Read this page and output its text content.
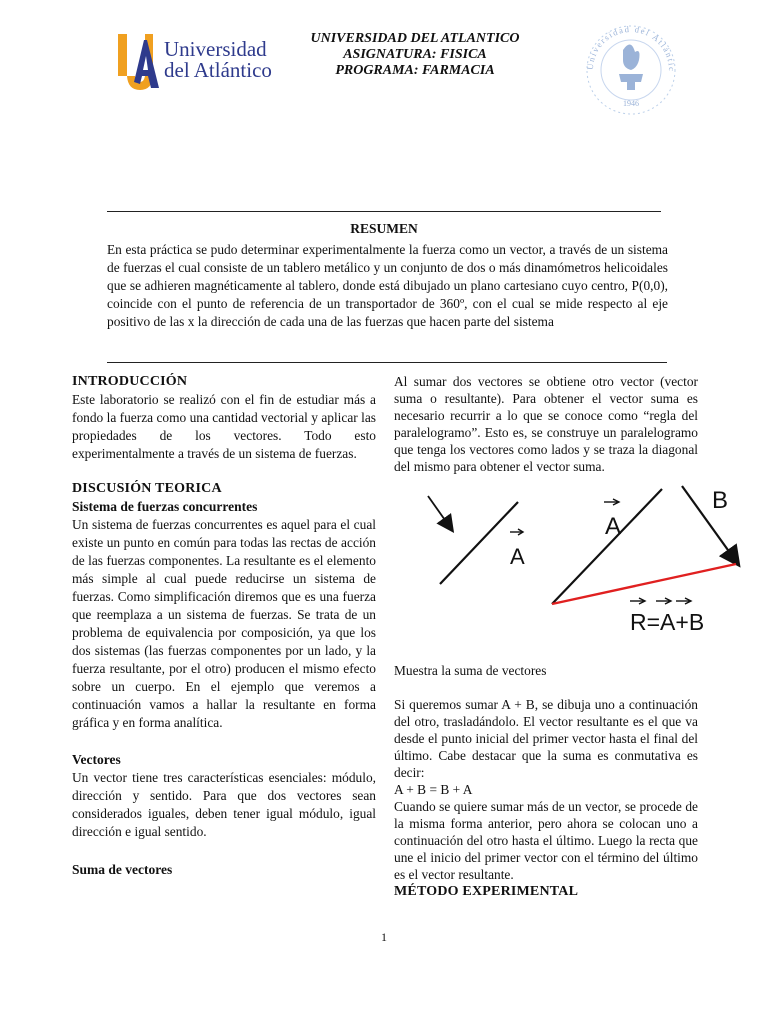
Universidad
del Atlántico
UNIVERSIDAD DEL ATLANTICO
ASIGNATURA: FISICA
PROGRAMA: FARMACIA	Universidad del Atlántic
1946
RESUMEN
En esta práctica se pudo determinar experimentalmente la fuerza como un vector, a través de un sistema de fuerzas el cual consiste de un tablero metálico y un conjunto de dos o más dinamómetros helicoidales que se adhieren magnéticamente al tablero, donde está dibujado un plano cartesiano cuyo centro, P(0,0), coincide con el punto de referencia de un transportador de 360º, con el cual se mide respecto al eje positivo de las x la dirección de cada una de las fuerzas que hacen parte del sistema
INTRODUCCIÓN
Este laboratorio se realizó con el fin de estudiar más a fondo la fuerza como una cantidad vectorial y aplicar las propiedades de los vectores. Todo esto experimentalmente a través de un sistema de fuerzas.
DISCUSIÓN TEORICA
Sistema de fuerzas concurrentes
Un sistema de fuerzas concurrentes es aquel para el cual existe un punto en común para todas las rectas de acción de las fuerzas componentes. La resultante es el elemento más simple al cual puede reducirse un sistema de fuerzas. Como simplificación diremos que es una fuerza que reemplaza a un sistema de fuerzas. Se trata de un problema de equivalencia por composición, ya que los dos sistemas (las fuerzas componentes por un lado, y la fuerza resultante, por el otro) producen el mismo efecto sobre un cuerpo. En el ejemplo que veremos a continuación vamos a hallar la resultante en forma gráfica y en forma analítica.
Vectores
Un vector tiene tres características esenciales: módulo, dirección y sentido. Para que dos vectores sean considerados iguales, deben tener igual módulo, igual dirección e igual sentido.
Suma de vectores
Al sumar dos vectores se obtiene otro vector (vector suma o resultante). Para obtener el vector suma es necesario recurrir a lo que se conoce como “regla del paralelogramo”. Esto es, se construye un paralelogramo que tenga los vectores como lados y se traza la diagonal del mismo para obtener el vector suma.
A
A
B
R=A+B
Muestra la suma de vectores
Si queremos sumar A + B, se dibuja uno a continuación del otro, trasladándolo. El vector resultante es el que va desde el punto inicial del primer vector hasta el final del último. Cabe destacar que la suma es conmutativa es decir:
A + B = B + A
Cuando se quiere sumar más de un vector, se procede de la misma forma anterior, pero ahora se colocan uno a continuación del otro hasta el último. Luego la recta que une el inicio del primer vector con el término del último es el vector resultante.
MÉTODO EXPERIMENTAL
1
